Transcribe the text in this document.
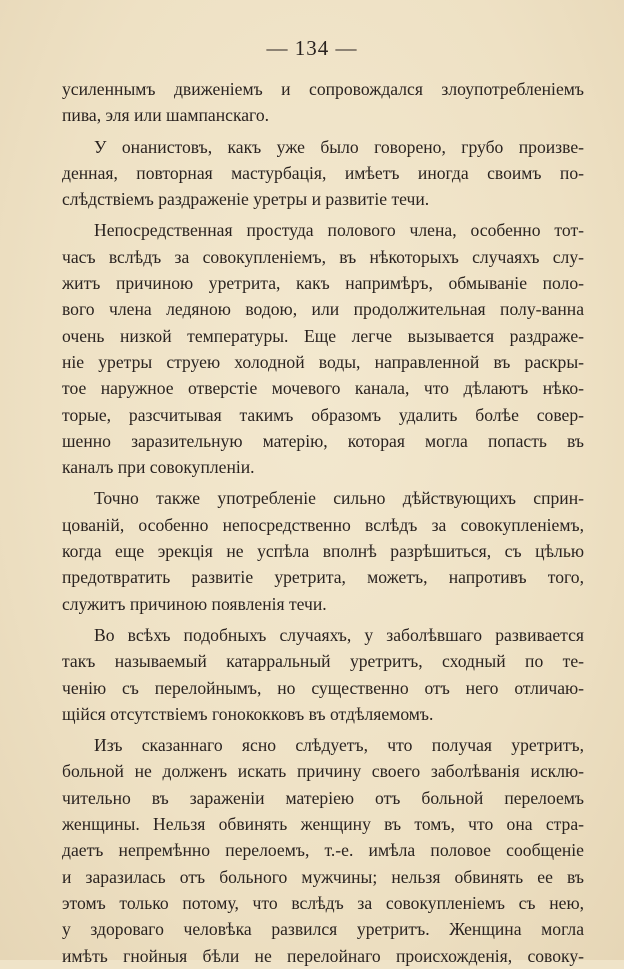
— 134 —
усиленнымъ движенiемъ и сопровождался злоупотребленiемъ
пива, эля или шампанскаго.
У онанистовъ, какъ уже было говорено, грубо произве-
денная, повторная мастурбацiя, имѣетъ иногда своимъ по-
слѣдствiемъ раздраженiе уретры и развитiе течи.
Непосредственная простуда полового члена, особенно тот-
часъ вслѣдъ за совокупленiемъ, въ нѣкоторыхъ случаяхъ слу-
житъ причиною уретрита, какъ напримѣръ, обмыванiе поло-
вого члена ледяною водою, или продолжительная полу-ванна
очень низкой температуры. Еще легче вызывается раздраже-
нiе уретры струею холодной воды, направленной въ раскры-
тое наружное отверстiе мочевого канала, что дѣлаютъ нѣко-
торые, разсчитывая такимъ образомъ удалить болѣе совер-
шенно заразительную матерiю, которая могла попасть въ
каналъ при совокупленiи.
Точно также употребленiе сильно дѣйствующихъ сприн-
цованiй, особенно непосредственно вслѣдъ за совокупленiемъ,
когда еще эрекцiя не успѣла вполнѣ разрѣшиться, съ цѣлью
предотвратить развитiе уретрита, можетъ, напротивъ того,
служитъ причиною появленiя течи.
Во всѣхъ подобныхъ случаяхъ, у заболѣвшаго развивается
такъ называемый катарральный уретритъ, сходный по те-
ченiю съ перелойнымъ, но существенно отъ него отличаю-
щiйся отсутствiемъ гонококковъ въ отдѣляемомъ.
Изъ сказаннаго ясно слѣдуетъ, что получая уретритъ,
больной не долженъ искать причину своего заболѣванiя исклю-
чительно въ зараженiи матерiею отъ больной перелоемъ
женщины. Нельзя обвинять женщину въ томъ, что она стра-
даетъ непремѣнно перелоемъ, т.-е. имѣла половое сообщенiе
и заразилась отъ больного мужчины; нельзя обвинять ее въ
этомъ только потому, что вслѣдъ за совокупленiемъ съ нею,
у здороваго человѣка развился уретритъ. Женщина могла
имѣть гнойныя бѣли не перелойнаго происхожденiя, совоку-
